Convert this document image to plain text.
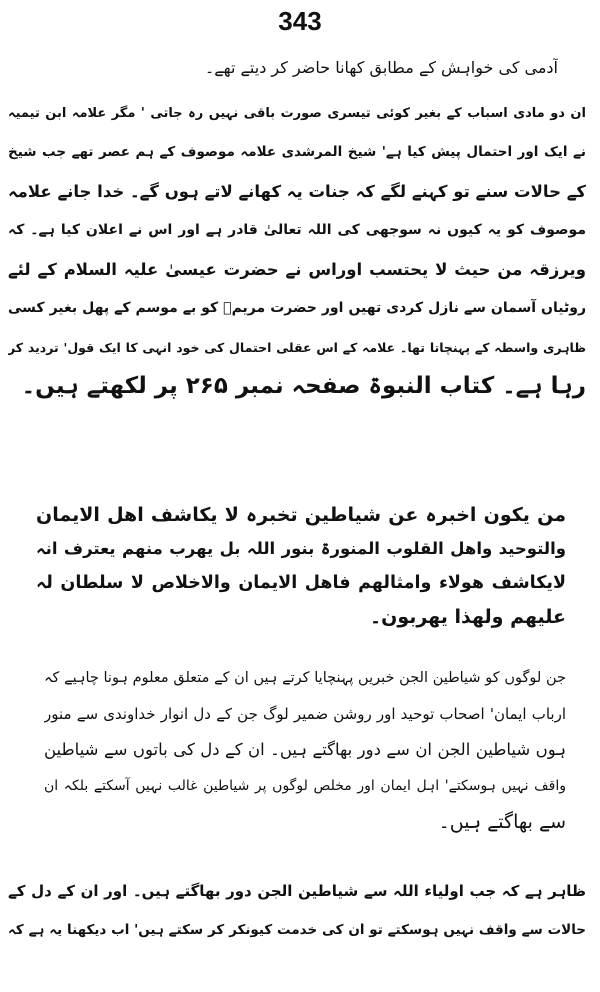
343
آدمی کی خواہش کے مطابق کھانا حاضر کر دیتے تھے۔
ان دو مادی اسباب کے بغیر کوئی تیسری صورت باقی نہیں رہ جاتی ' مگر علامہ ابن تیمیہ
نے ایک اور احتمال پیش کیا ہے' شیخ المرشدی علامہ موصوف کے ہم عصر تھے جب شیخ
کے حالات سنے تو کہنے لگے کہ جنات یہ کھانے لاتے ہوں گے۔ خدا جانے علامہ
موصوف کو یہ کیوں نہ سوجھی کی اللہ تعالیٰ قادر ہے اور اس نے اعلان کیا ہے۔ کہ
ویرزقہ من حیث لا یحتسب اوراس نے حضرت عیسیٰ علیہ السلام کے لئے
روٹیاں آسمان سے نازل کردی تھیں اور حضرت مریمؑ کو بے موسم کے پھل بغیر کسی
ظاہری واسطہ کے پہنچاتا تھا۔ علامہ کے اس عقلی احتمال کی خود انہی کا ایک قول' تردید کر
رہا ہے۔ کتاب النبوۃ صفحہ نمبر ۲۶۵ پر لکھتے ہیں۔
من یکون اخبرہ عن شیاطین تخبرہ لا یکاشف اھل الایمان
والتوحید واھل القلوب المنورۃ بنور اللہ بل یھرب منھم یعترف انہ
لایکاشف ھولاء وامثالھم فاھل الایمان والاخلاص لا سلطان لہ
علیھم ولھذا یھربون۔
جن لوگوں کو شیاطین الجن خبریں پہنچایا کرتے ہیں ان کے متعلق معلوم ہونا چاہیے کہ
ارباب ایمان' اصحاب توحید اور روشن ضمیر لوگ جن کے دل انوار خداوندی سے منور
ہوں شیاطین الجن ان سے دور بھاگتے ہیں۔ ان کے دل کی باتوں سے شیاطین
واقف نہیں ہوسکتے' اہل ایمان اور مخلص لوگوں پر شیاطین غالب نہیں آسکتے بلکہ ان
سے بھاگتے ہیں۔
ظاہر ہے کہ جب اولیاء اللہ سے شیاطین الجن دور بھاگتے ہیں۔ اور ان کے دل کے
حالات سے واقف نہیں ہوسکتے تو ان کی خدمت کیونکر کر سکتے ہیں' اب دیکھنا یہ ہے کہ
